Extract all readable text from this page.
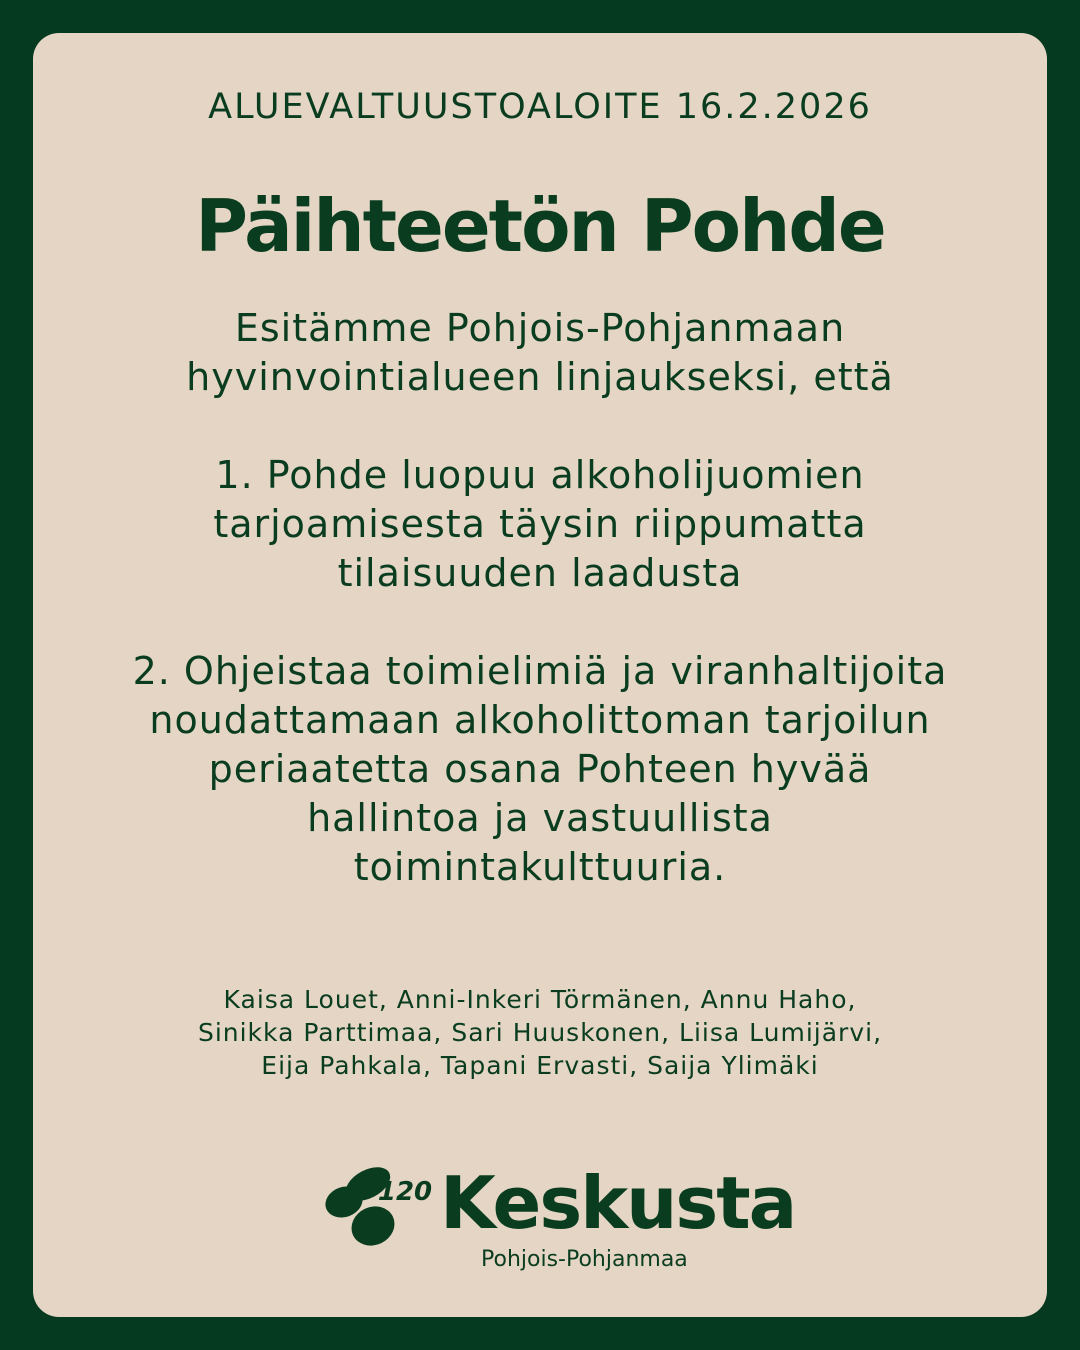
ALUEVALTUUSTOALOITE 16.2.2026
Päihteetön Pohde
Esitämme Pohjois-Pohjanmaan
hyvinvointialueen linjaukseksi, että
1. Pohde luopuu alkoholijuomien
tarjoamisesta täysin riippumatta
tilaisuuden laadusta
2. Ohjeistaa toimielimiä ja viranhaltijoita
noudattamaan alkoholittoman tarjoilun
periaatetta osana Pohteen hyvää
hallintoa ja vastuullista
toimintakulttuuria.
Kaisa Louet, Anni-Inkeri Törmänen, Annu Haho,
Sinikka Parttimaa, Sari Huuskonen, Liisa Lumijärvi,
Eija Pahkala, Tapani Ervasti, Saija Ylimäki
120 Keskusta
Pohjois-Pohjanmaa
